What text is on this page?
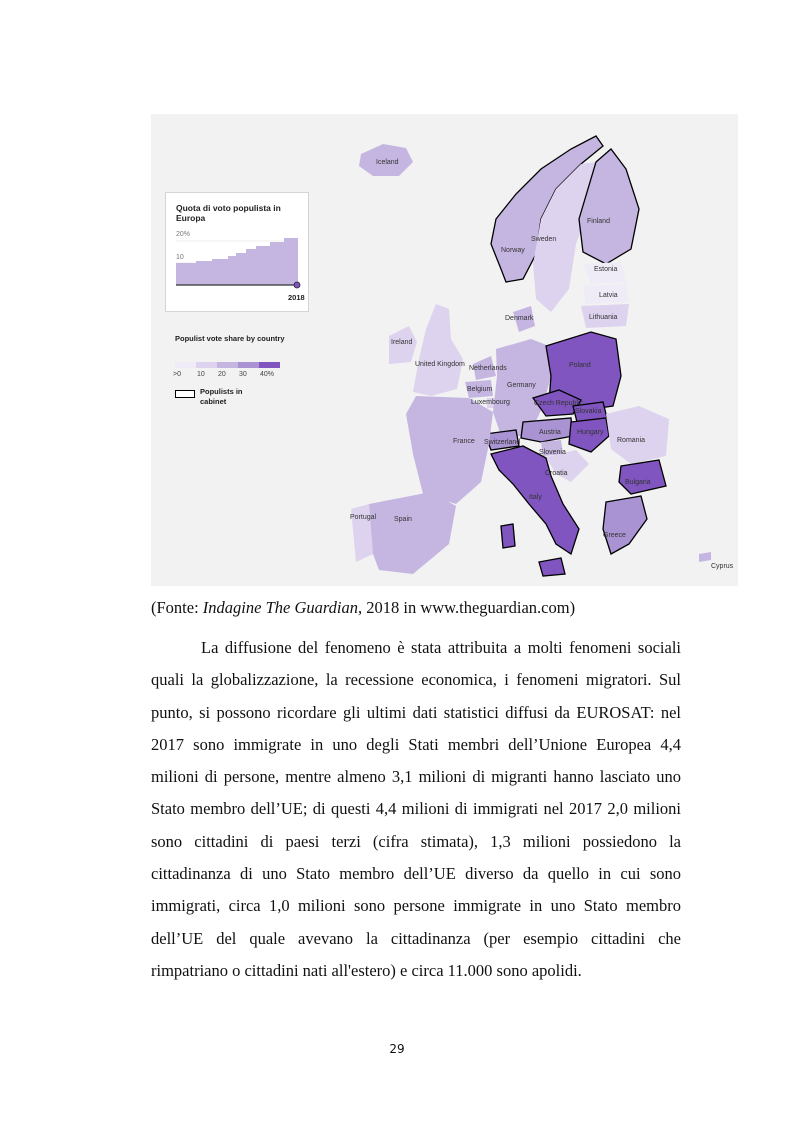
Iceland
Finland
Sweden
Norway
Estonia
Latvia
Lithuania
Denmark
Ireland
United Kingdom
Netherlands
Belgium
Luxembourg
Germany
Poland
Czech Republic
Slovakia
Austria Hungary
Switzerland
Slovenia
Croatia
France	Romania
Bulgaria
Italy
Portugal	Spain
Greece
Cyprus
Quota di voto populista in Europa
20%
10
2018
Populist vote share by country
>0 10 20 30 40%
Populists in cabinet
(Fonte: Indagine The Guardian, 2018 in www.theguardian.com)

La diffusione del fenomeno è stata attribuita a molti fenomeni sociali quali la globalizzazione, la recessione economica, i fenomeni migratori. Sul punto, si possono ricordare gli ultimi dati statistici diffusi da EUROSAT: nel 2017 sono immigrate in uno degli Stati membri dell’Unione Europea 4,4 milioni di persone, mentre almeno 3,1 milioni di migranti hanno lasciato uno Stato membro dell’UE; di questi 4,4 milioni di immigrati nel 2017 2,0 milioni sono cittadini di paesi terzi (cifra stimata), 1,3 milioni possiedono la cittadinanza di uno Stato membro dell’UE diverso da quello in cui sono immigrati, circa 1,0 milioni sono persone immigrate in uno Stato membro dell’UE del quale avevano la cittadinanza (per esempio cittadini che rimpatriano o cittadini nati all'estero) e circa 11.000 sono apolidi.

29
